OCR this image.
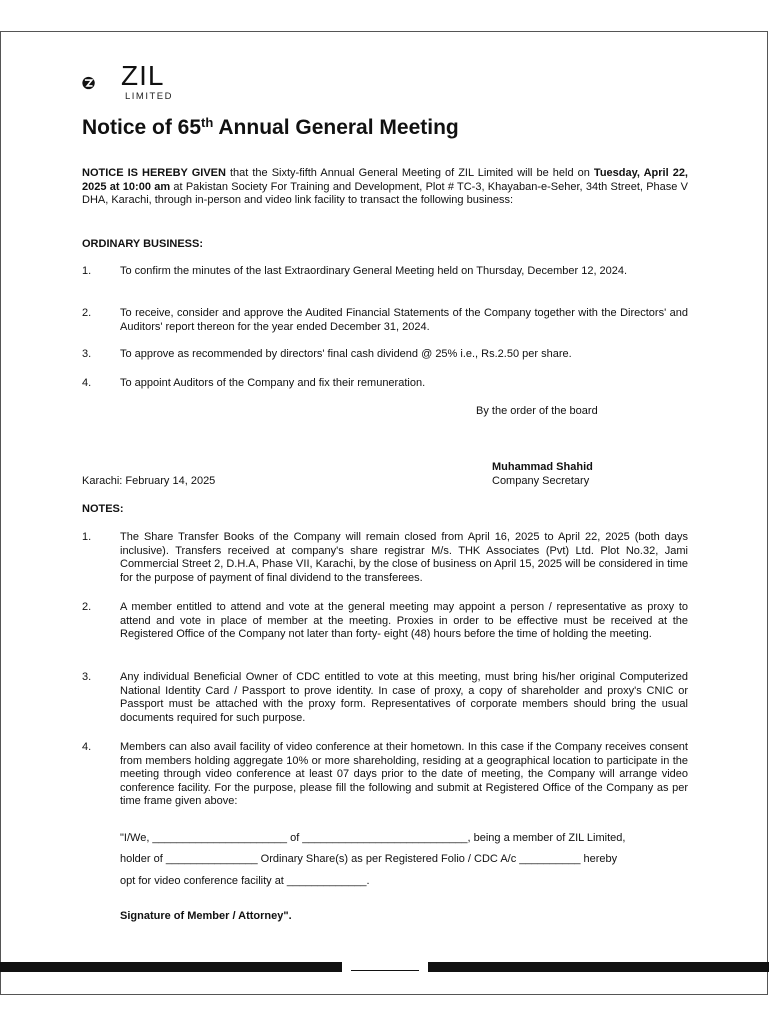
ZIL
LIMITED
Notice of 65th Annual General Meeting
NOTICE IS HEREBY GIVEN that the Sixty-fifth Annual General Meeting of ZIL Limited will be held on Tuesday, April 22, 2025 at 10:00 am at Pakistan Society For Training and Development, Plot # TC-3, Khayaban-e-Seher, 34th Street, Phase V DHA, Karachi, through in-person and video link facility to transact the following business:
ORDINARY BUSINESS:
1.	To confirm the minutes of the last Extraordinary General Meeting held on Thursday, December 12, 2024.
2.	To receive, consider and approve the Audited Financial Statements of the Company together with the Directors' and Auditors' report thereon for the year ended December 31, 2024.
3.	To approve as recommended by directors' final cash dividend @ 25% i.e., Rs.2.50 per share.
4.	To appoint Auditors of the Company and fix their remuneration.
By the order of the board
Muhammad Shahid
Company Secretary
Karachi: February 14, 2025
NOTES:
1.	The Share Transfer Books of the Company will remain closed from April 16, 2025 to April 22, 2025 (both days inclusive). Transfers received at company's share registrar M/s. THK Associates (Pvt) Ltd. Plot No.32, Jami Commercial Street 2, D.H.A, Phase VII, Karachi, by the close of business on April 15, 2025 will be considered in time for the purpose of payment of final dividend to the transferees.
2.	A member entitled to attend and vote at the general meeting may appoint a person / representative as proxy to attend and vote in place of member at the meeting. Proxies in order to be effective must be received at the Registered Office of the Company not later than forty- eight (48) hours before the time of holding the meeting.
3.	Any individual Beneficial Owner of CDC entitled to vote at this meeting, must bring his/her original Computerized National Identity Card / Passport to prove identity. In case of proxy, a copy of shareholder and proxy's CNIC or Passport must be attached with the proxy form. Representatives of corporate members should bring the usual documents required for such purpose.
4.	Members can also avail facility of video conference at their hometown. In this case if the Company receives consent from members holding aggregate 10% or more shareholding, residing at a geographical location to participate in the meeting through video conference at least 07 days prior to the date of meeting, the Company will arrange video conference facility. For the purpose, please fill the following and submit at Registered Office of the Company as per time frame given above:
"I/We, ______________________ of ___________________________, being a member of ZIL Limited,
holder of _______________ Ordinary Share(s) as per Registered Folio / CDC A/c __________ hereby
opt for video conference facility at _____________.
Signature of Member / Attorney".
